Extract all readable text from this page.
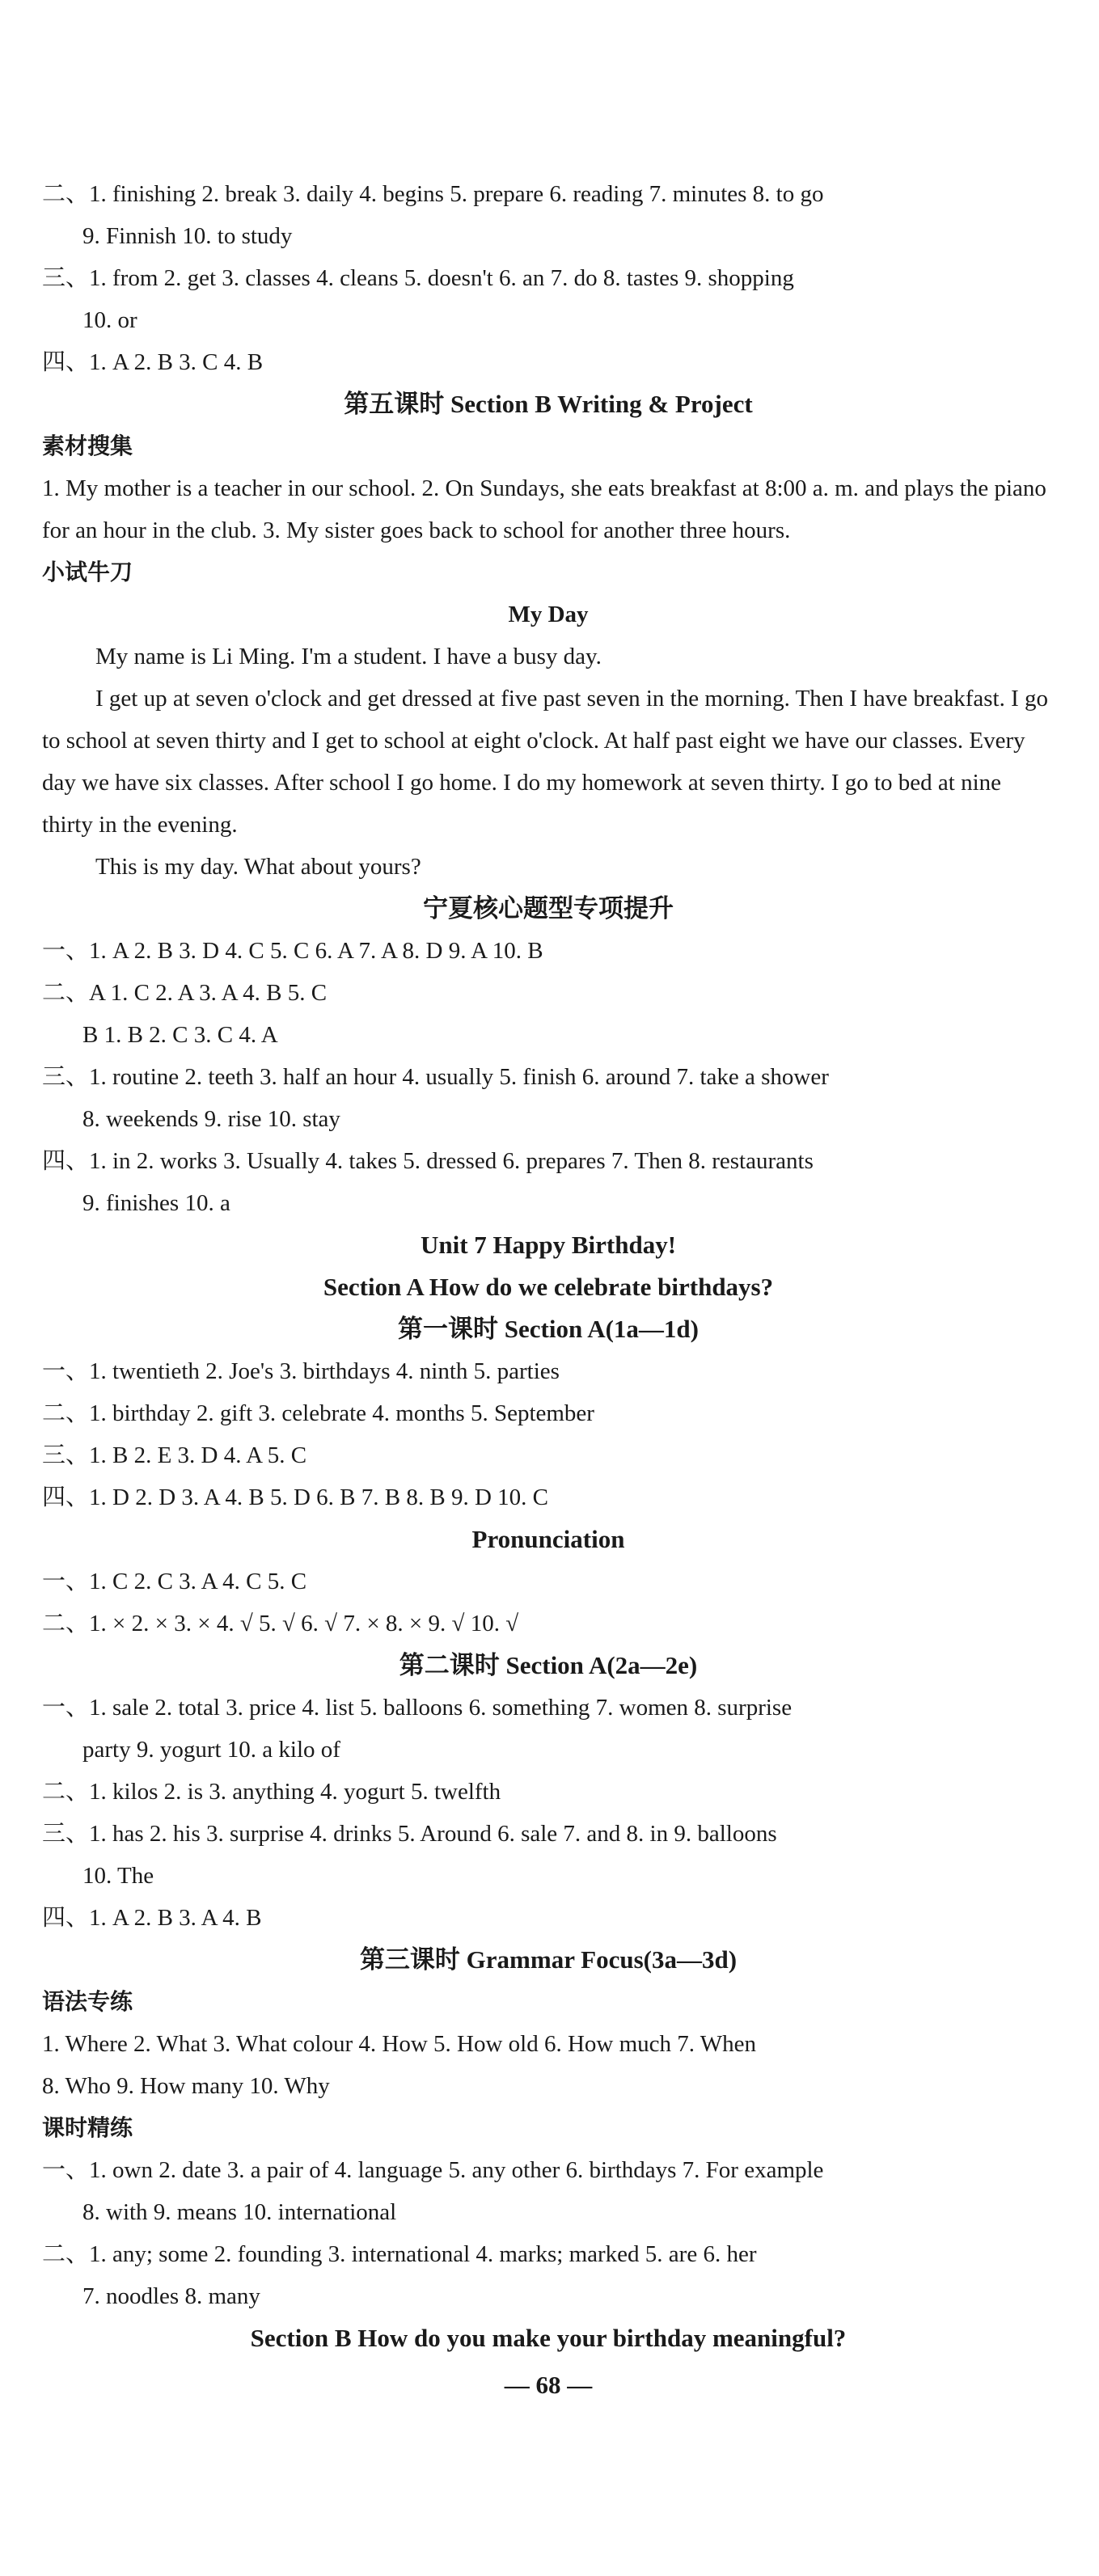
二、1. finishing 2. break 3. daily 4. begins 5. prepare 6. reading 7. minutes 8. to go
9. Finnish 10. to study
三、1. from 2. get 3. classes 4. cleans 5. doesn't 6. an 7. do 8. tastes 9. shopping
10. or
四、1. A 2. B 3. C 4. B
第五课时 Section B Writing & Project
素材搜集
1. My mother is a teacher in our school. 2. On Sundays, she eats breakfast at 8:00 a. m. and plays the piano for an hour in the club. 3. My sister goes back to school for another three hours.
小试牛刀
My Day
My name is Li Ming. I'm a student. I have a busy day.
I get up at seven o'clock and get dressed at five past seven in the morning. Then I have breakfast. I go to school at seven thirty and I get to school at eight o'clock. At half past eight we have our classes. Every day we have six classes. After school I go home. I do my homework at seven thirty. I go to bed at nine thirty in the evening.
This is my day. What about yours?
宁夏核心题型专项提升
一、1. A 2. B 3. D 4. C 5. C 6. A 7. A 8. D 9. A 10. B
二、A 1. C 2. A 3. A 4. B 5. C
B 1. B 2. C 3. C 4. A
三、1. routine 2. teeth 3. half an hour 4. usually 5. finish 6. around 7. take a shower
8. weekends 9. rise 10. stay
四、1. in 2. works 3. Usually 4. takes 5. dressed 6. prepares 7. Then 8. restaurants
9. finishes 10. a
Unit 7 Happy Birthday!
Section A How do we celebrate birthdays?
第一课时 Section A(1a—1d)
一、1. twentieth 2. Joe's 3. birthdays 4. ninth 5. parties
二、1. birthday 2. gift 3. celebrate 4. months 5. September
三、1. B 2. E 3. D 4. A 5. C
四、1. D 2. D 3. A 4. B 5. D 6. B 7. B 8. B 9. D 10. C
Pronunciation
一、1. C 2. C 3. A 4. C 5. C
二、1. × 2. × 3. × 4. √ 5. √ 6. √ 7. × 8. × 9. √ 10. √
第二课时 Section A(2a—2e)
一、1. sale 2. total 3. price 4. list 5. balloons 6. something 7. women 8. surprise
party 9. yogurt 10. a kilo of
二、1. kilos 2. is 3. anything 4. yogurt 5. twelfth
三、1. has 2. his 3. surprise 4. drinks 5. Around 6. sale 7. and 8. in 9. balloons
10. The
四、1. A 2. B 3. A 4. B
第三课时 Grammar Focus(3a—3d)
语法专练
1. Where 2. What 3. What colour 4. How 5. How old 6. How much 7. When
8. Who 9. How many 10. Why
课时精练
一、1. own 2. date 3. a pair of 4. language 5. any other 6. birthdays 7. For example
8. with 9. means 10. international
二、1. any; some 2. founding 3. international 4. marks; marked 5. are 6. her
7. noodles 8. many
Section B How do you make your birthday meaningful?
— 68 —
